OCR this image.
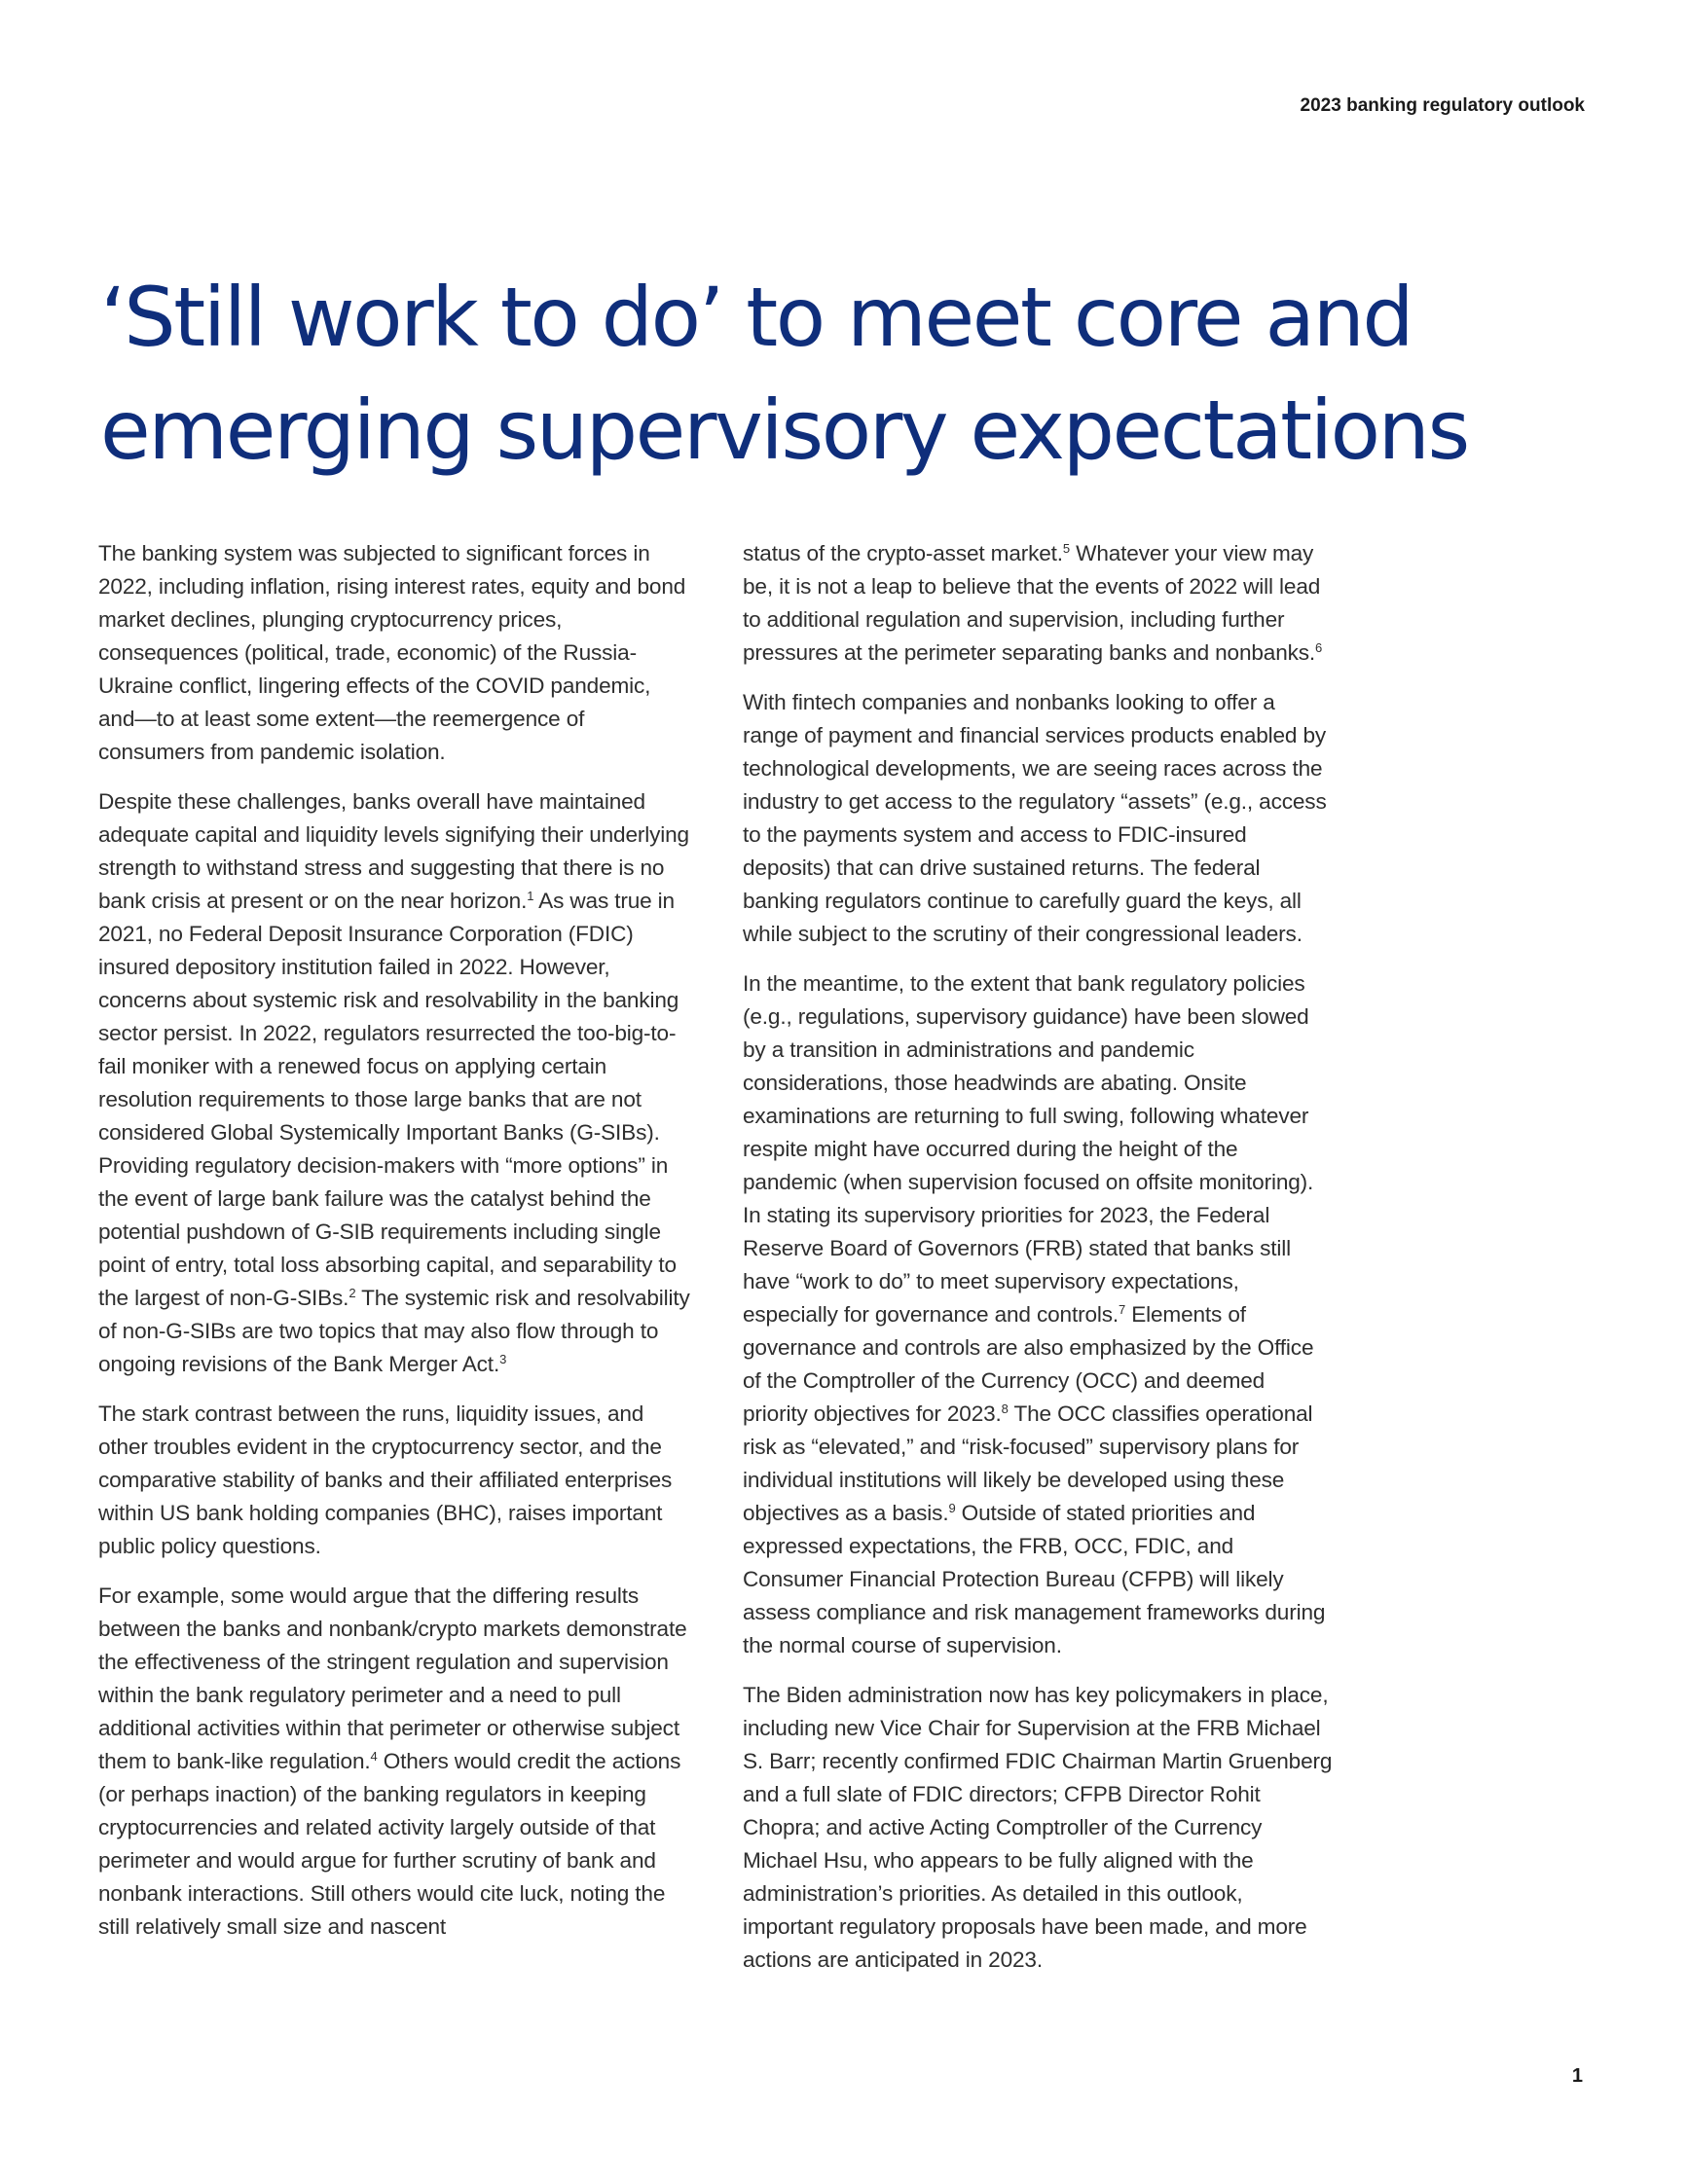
2023 banking regulatory outlook
‘Still work to do’ to meet core and
emerging supervisory expectations

The banking system was subjected to significant forces in 2022, including inflation, rising interest rates, equity and bond market declines, plunging cryptocurrency prices, consequences (political, trade, economic) of the Russia-Ukraine conflict, lingering effects of the COVID pandemic, and—to at least some extent—the reemergence of consumers from pandemic isolation.

Despite these challenges, banks overall have maintained adequate capital and liquidity levels signifying their underlying strength to withstand stress and suggesting that there is no bank crisis at present or on the near horizon.$^1$ As was true in 2021, no Federal Deposit Insurance Corporation (FDIC) insured depository institution failed in 2022. However, concerns about systemic risk and resolvability in the banking sector persist. In 2022, regulators resurrected the too-big-to-fail moniker with a renewed focus on applying certain resolution requirements to those large banks that are not considered Global Systemically Important Banks (G-SIBs). Providing regulatory decision-makers with “more options” in the event of large bank failure was the catalyst behind the potential pushdown of G-SIB requirements including single point of entry, total loss absorbing capital, and separability to the largest of non-G-SIBs.$^2$ The systemic risk and resolvability of non-G-SIBs are two topics that may also flow through to ongoing revisions of the Bank Merger Act.$^3$

The stark contrast between the runs, liquidity issues, and other troubles evident in the cryptocurrency sector, and the comparative stability of banks and their affiliated enterprises within US bank holding companies (BHC), raises important public policy questions.

For example, some would argue that the differing results between the banks and nonbank/crypto markets demonstrate the effectiveness of the stringent regulation and supervision within the bank regulatory perimeter and a need to pull additional activities within that perimeter or otherwise subject them to bank-like regulation.$^4$ Others would credit the actions (or perhaps inaction) of the banking regulators in keeping cryptocurrencies and related activity largely outside of that perimeter and would argue for further scrutiny of bank and nonbank interactions. Still others would cite luck, noting the still relatively small size and nascent

status of the crypto-asset market.$^5$ Whatever your view may be, it is not a leap to believe that the events of 2022 will lead to additional regulation and supervision, including further pressures at the perimeter separating banks and nonbanks.$^6$

With fintech companies and nonbanks looking to offer a range of payment and financial services products enabled by technological developments, we are seeing races across the industry to get access to the regulatory “assets” (e.g., access to the payments system and access to FDIC-insured deposits) that can drive sustained returns. The federal banking regulators continue to carefully guard the keys, all while subject to the scrutiny of their congressional leaders.

In the meantime, to the extent that bank regulatory policies (e.g., regulations, supervisory guidance) have been slowed by a transition in administrations and pandemic considerations, those headwinds are abating. Onsite examinations are returning to full swing, following whatever respite might have occurred during the height of the pandemic (when supervision focused on offsite monitoring). In stating its supervisory priorities for 2023, the Federal Reserve Board of Governors (FRB) stated that banks still have “work to do” to meet supervisory expectations, especially for governance and controls.$^7$ Elements of governance and controls are also emphasized by the Office of the Comptroller of the Currency (OCC) and deemed priority objectives for 2023.$^8$ The OCC classifies operational risk as “elevated,” and “risk-focused” supervisory plans for individual institutions will likely be developed using these objectives as a basis.$^9$ Outside of stated priorities and expressed expectations, the FRB, OCC, FDIC, and Consumer Financial Protection Bureau (CFPB) will likely assess compliance and risk management frameworks during the normal course of supervision.

The Biden administration now has key policymakers in place, including new Vice Chair for Supervision at the FRB Michael S. Barr; recently confirmed FDIC Chairman Martin Gruenberg and a full slate of FDIC directors; CFPB Director Rohit Chopra; and active Acting Comptroller of the Currency Michael Hsu, who appears to be fully aligned with the administration’s priorities. As detailed in this outlook, important regulatory proposals have been made, and more actions are anticipated in 2023.

1
